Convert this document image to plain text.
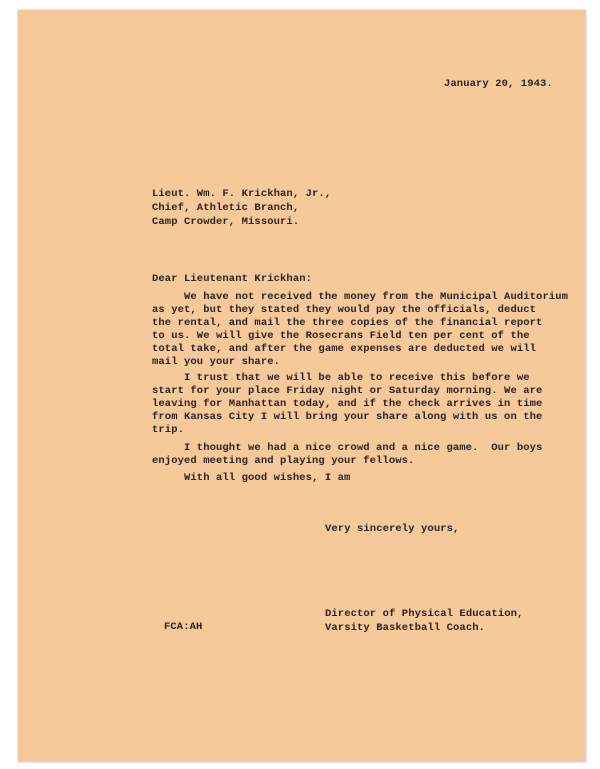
January 20, 1943.
Lieut. Wm. F. Krickhan, Jr.,
Chief, Athletic Branch,
Camp Crowder, Missouri.
Dear Lieutenant Krickhan:
We have not received the money from the Municipal Auditorium
as yet, but they stated they would pay the officials, deduct
the rental, and mail the three copies of the financial report
to us. We will give the Rosecrans Field ten per cent of the
total take, and after the game expenses are deducted we will
mail you your share.
I trust that we will be able to receive this before we
start for your place Friday night or Saturday morning. We are
leaving for Manhattan today, and if the check arrives in time
from Kansas City I will bring your share along with us on the
trip.
I thought we had a nice crowd and a nice game.  Our boys
enjoyed meeting and playing your fellows.
With all good wishes, I am
Very sincerely yours,
Director of Physical Education,
Varsity Basketball Coach.
FCA:AH
